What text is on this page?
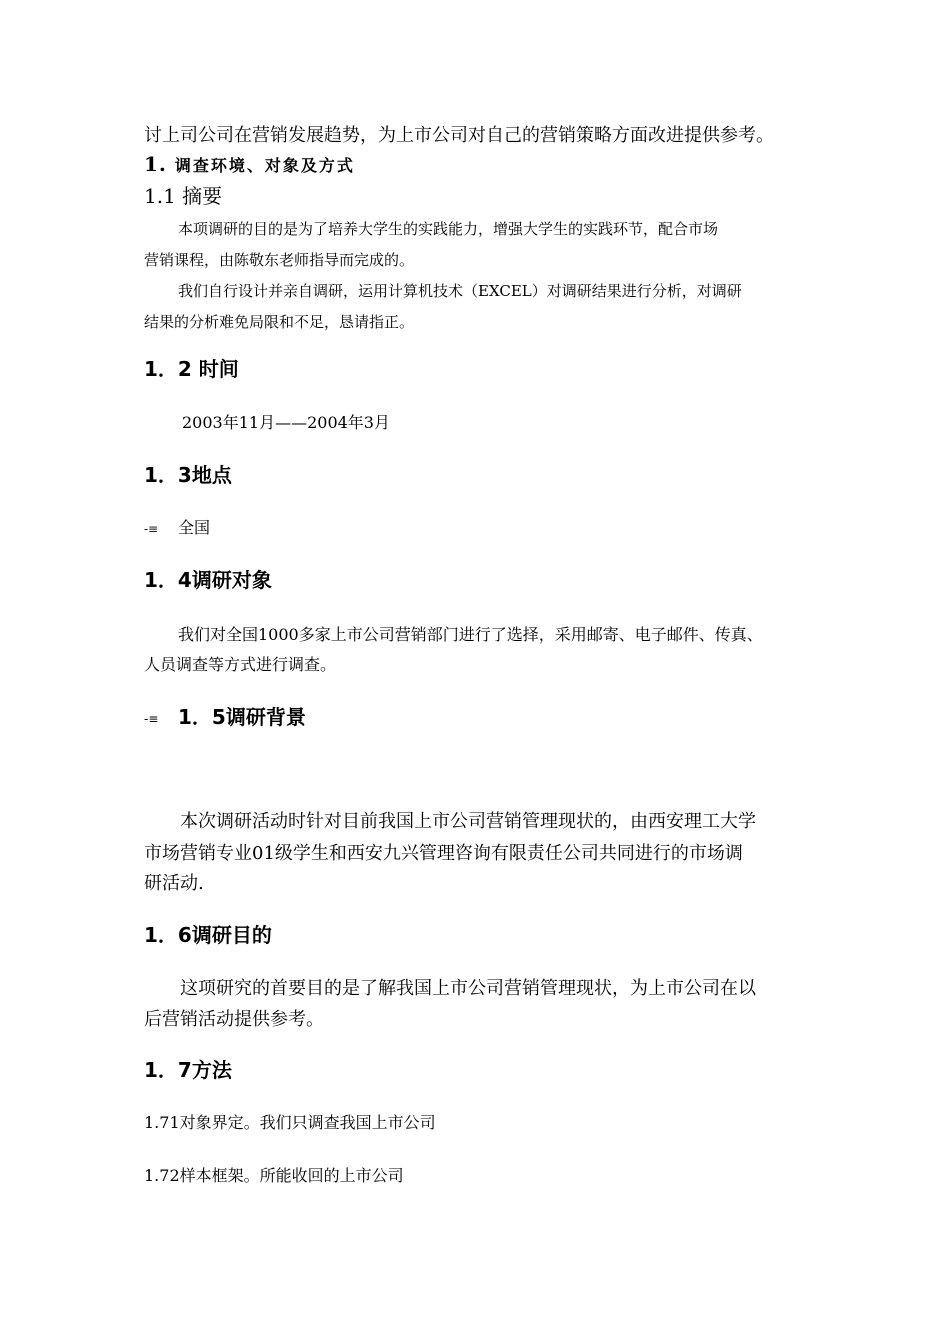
讨上司公司在营销发展趋势，为上市公司对自己的营销策略方面改进提供参考。
1. 调查环境、对象及方式
1.1 摘要
本项调研的目的是为了培养大学生的实践能力，增强大学生的实践环节，配合市场
营销课程，由陈敬东老师指导而完成的。
我们自行设计并亲自调研，运用计算机技术（EXCEL）对调研结果进行分析，对调研
结果的分析难免局限和不足，恳请指正。
1．2 时间
2003年11月——2004年3月
1．3地点
-≡ 全国
1．4调研对象
我们对全国1000多家上市公司营销部门进行了选择，采用邮寄、电子邮件、传真、
人员调查等方式进行调查。
-≡ 1．5调研背景
本次调研活动时针对目前我国上市公司营销管理现状的，由西安理工大学
市场营销专业01级学生和西安九兴管理咨询有限责任公司共同进行的市场调
研活动.
1．6调研目的
这项研究的首要目的是了解我国上市公司营销管理现状，为上市公司在以
后营销活动提供参考。
1．7方法
1.71对象界定。我们只调查我国上市公司
1.72样本框架。所能收回的上市公司
